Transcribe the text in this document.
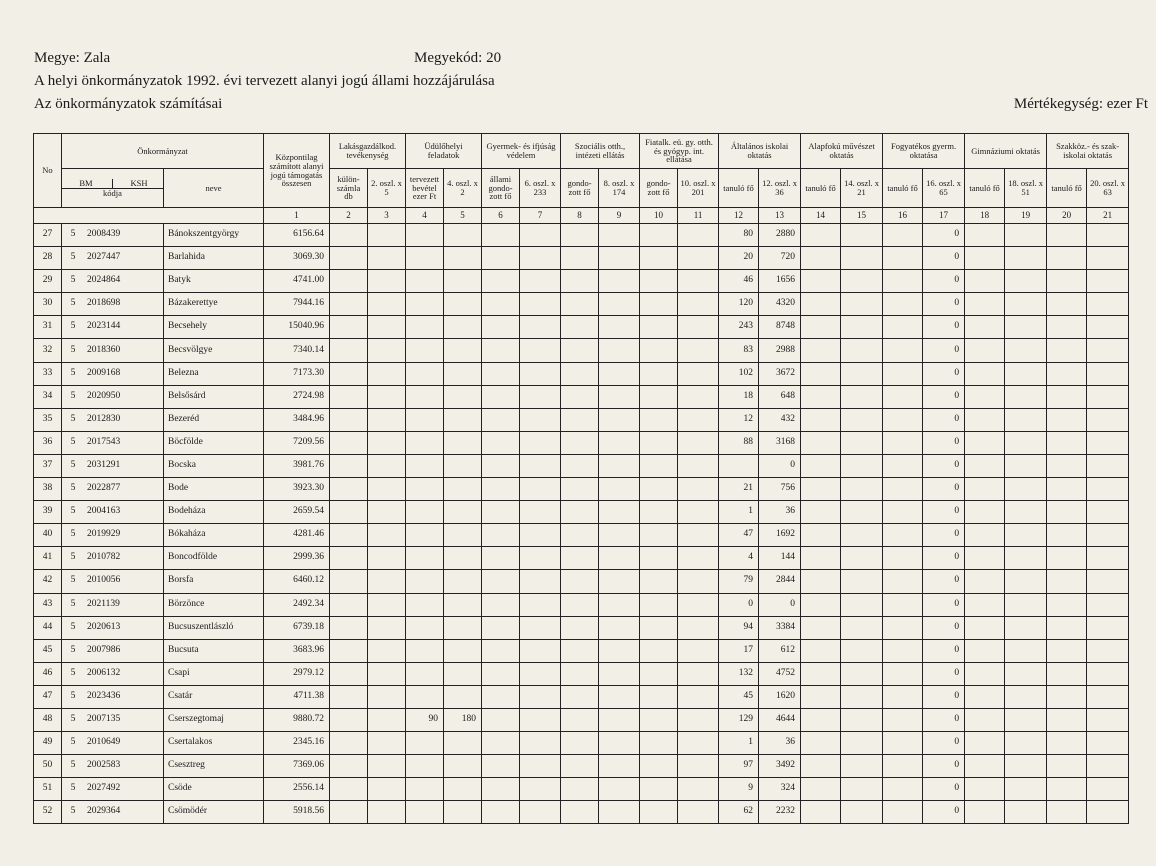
Megye: Zala	Megyekód: 20
A helyi önkormányzatok 1992. évi tervezett alanyi jogú állami hozzájárulása
Az önkormányzatok számításai	Mértékegység: ezer Ft
No	Önkormányzat		Központilag számított alanyi jogú támogatás összesen	Lakásgazdálkod. tevékenység		Üdülőhelyi feladatok		Gyermek- és ifjúság védelem		Szociális otth., intézeti ellátás		Fiatalk. eü. gy. otth. és gyógyp. int. ellátása		Általános iskolai oktatás		Alapfokú művészet oktatás		Fogyatékos gyerm. oktatása		Gimnáziumi oktatás		Szakköz.- és szak-iskolai oktatás	

	BM KSH
kódja	neve		külön-számla db	2. oszl. x 5	tervezett bevétel ezer Ft	4. oszl. x 2	állami gondo-zott fő	6. oszl. x 233	gondo-zott fő	8. oszl. x 174	gondo-zott fő	10. oszl. x 201	tanuló fő	12. oszl. x 36	tanuló fő	14. oszl. x 21	tanuló fő	16. oszl. x 65	tanuló fő	18. oszl. x 51	tanuló fő	20. oszl. x 63
			1	2	3	4	5	6	7	8	9	10	11	12	13	14	15	16	17	18	19	20	21
27	5 2008439	Bánokszentgyörgy	6156.64											80	2880				0				
28	5 2027447	Barlahida	3069.30											20	720				0				
29	5 2024864	Batyk	4741.00											46	1656				0				
30	5 2018698	Bázakerettye	7944.16											120	4320				0				
31	5 2023144	Becsehely	15040.96											243	8748				0				
32	5 2018360	Becsvölgye	7340.14											83	2988				0				
33	5 2009168	Belezna	7173.30											102	3672				0				
34	5 2020950	Belsősárd	2724.98											18	648				0				
35	5 2012830	Bezeréd	3484.96											12	432				0				
36	5 2017543	Böcfölde	7209.56											88	3168				0				
37	5 2031291	Bocska	3981.76												0				0				
38	5 2022877	Bode	3923.30											21	756				0				
39	5 2004163	Bodeháza	2659.54											1	36				0				
40	5 2019929	Bókaháza	4281.46											47	1692				0				
41	5 2010782	Boncodfölde	2999.36											4	144				0				
42	5 2010056	Borsfa	6460.12											79	2844				0				
43	5 2021139	Börzönce	2492.34											0	0				0				
44	5 2020613	Bucsuszentlászló	6739.18											94	3384				0				
45	5 2007986	Bucsuta	3683.96											17	612				0				
46	5 2006132	Csapi	2979.12											132	4752				0				
47	5 2023436	Csatár	4711.38											45	1620				0				
48	5 2007135	Cserszegtomaj	9880.72			90	180							129	4644				0				
49	5 2010649	Csertalakos	2345.16											1	36				0				
50	5 2002583	Csesztreg	7369.06											97	3492				0				
51	5 2027492	Csöde	2556.14											9	324				0				
52	5 2029364	Csömödér	5918.56											62	2232				0				
